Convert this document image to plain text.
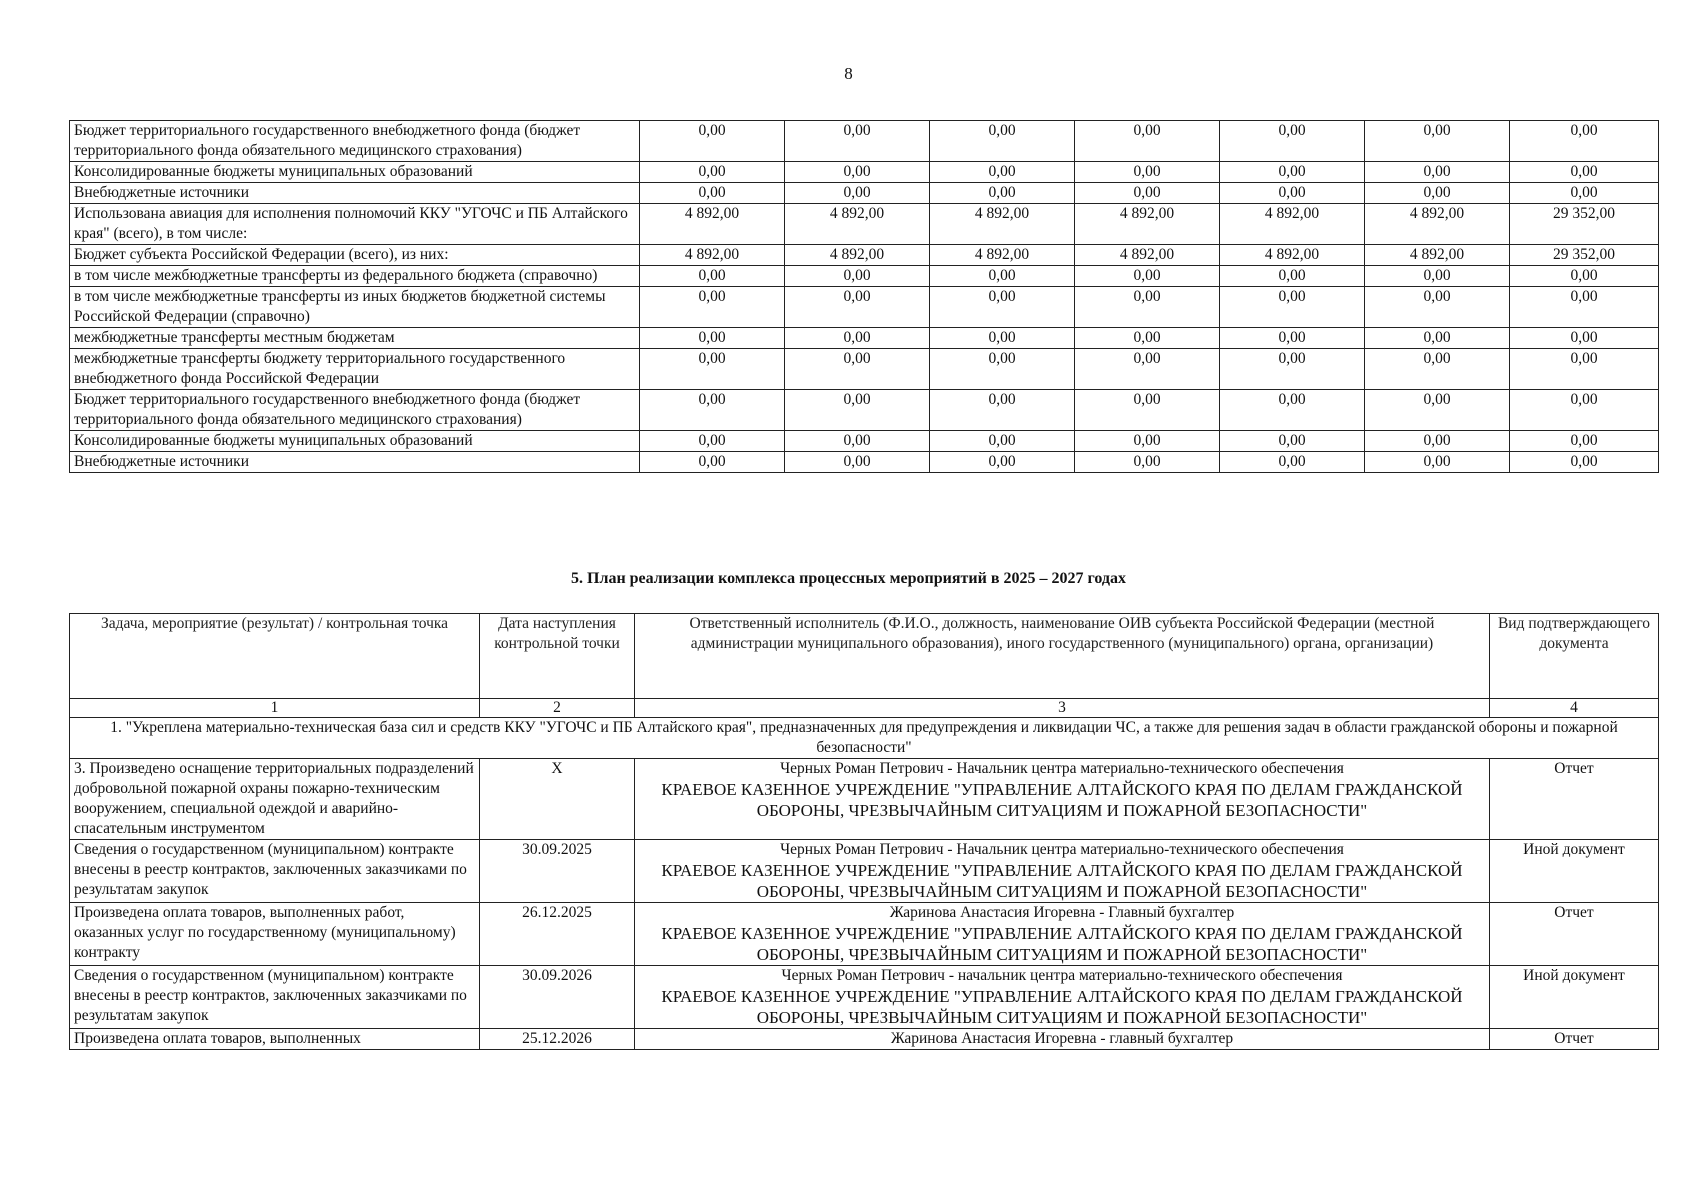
8
Бюджет территориального государственного внебюджетного фонда (бюджет территориального фонда обязательного медицинского страхования)	0,00	0,00	0,00	0,00	0,00	0,00	0,00
Консолидированные бюджеты муниципальных образований	0,00	0,00	0,00	0,00	0,00	0,00	0,00
Внебюджетные источники	0,00	0,00	0,00	0,00	0,00	0,00	0,00
Использована авиация для исполнения полномочий ККУ "УГОЧС и ПБ Алтайского края" (всего), в том числе:	4 892,00	4 892,00	4 892,00	4 892,00	4 892,00	4 892,00	29 352,00
Бюджет субъекта Российской Федерации (всего), из них:	4 892,00	4 892,00	4 892,00	4 892,00	4 892,00	4 892,00	29 352,00
в том числе межбюджетные трансферты из федерального бюджета (справочно)	0,00	0,00	0,00	0,00	0,00	0,00	0,00
в том числе межбюджетные трансферты из иных бюджетов бюджетной системы Российской Федерации (справочно)	0,00	0,00	0,00	0,00	0,00	0,00	0,00
межбюджетные трансферты местным бюджетам	0,00	0,00	0,00	0,00	0,00	0,00	0,00
межбюджетные трансферты бюджету территориального государственного внебюджетного фонда Российской Федерации	0,00	0,00	0,00	0,00	0,00	0,00	0,00
Бюджет территориального государственного внебюджетного фонда (бюджет территориального фонда обязательного медицинского страхования)	0,00	0,00	0,00	0,00	0,00	0,00	0,00
Консолидированные бюджеты муниципальных образований	0,00	0,00	0,00	0,00	0,00	0,00	0,00
Внебюджетные источники	0,00	0,00	0,00	0,00	0,00	0,00	0,00
5. План реализации комплекса процессных мероприятий в 2025 – 2027 годах
Задача, мероприятие (результат) / контрольная точка	Дата наступления контрольной точки	Ответственный исполнитель (Ф.И.О., должность, наименование ОИВ субъекта Российской Федерации (местной администрации муниципального образования), иного государственного (муниципального) органа, организации)	Вид подтверждающего документа
1	2	3	4
1. "Укреплена материально-техническая база сил и средств ККУ "УГОЧС и ПБ Алтайского края", предназначенных для предупреждения и ликвидации ЧС, а также для решения задач в области гражданской обороны и пожарной безопасности"			
3. Произведено оснащение территориальных подразделений добровольной пожарной охраны пожарно-техническим вооружением, специальной одеждой и аварийно-спасательным инструментом	X	Черных Роман Петрович - Начальник центра материально-технического обеспечения
КРАЕВОЕ КАЗЕННОЕ УЧРЕЖДЕНИЕ "УПРАВЛЕНИЕ АЛТАЙСКОГО КРАЯ ПО ДЕЛАМ ГРАЖДАНСКОЙ ОБОРОНЫ, ЧРЕЗВЫЧАЙНЫМ СИТУАЦИЯМ И ПОЖАРНОЙ БЕЗОПАСНОСТИ"	Отчет
Сведения о государственном (муниципальном) контракте внесены в реестр контрактов, заключенных заказчиками по результатам закупок	30.09.2025	Черных Роман Петрович - Начальник центра материально-технического обеспечения
КРАЕВОЕ КАЗЕННОЕ УЧРЕЖДЕНИЕ "УПРАВЛЕНИЕ АЛТАЙСКОГО КРАЯ ПО ДЕЛАМ ГРАЖДАНСКОЙ ОБОРОНЫ, ЧРЕЗВЫЧАЙНЫМ СИТУАЦИЯМ И ПОЖАРНОЙ БЕЗОПАСНОСТИ"	Иной документ
Произведена оплата товаров, выполненных работ, оказанных услуг по государственному (муниципальному) контракту	26.12.2025	Жаринова Анастасия Игоревна - Главный бухгалтер
КРАЕВОЕ КАЗЕННОЕ УЧРЕЖДЕНИЕ "УПРАВЛЕНИЕ АЛТАЙСКОГО КРАЯ ПО ДЕЛАМ ГРАЖДАНСКОЙ ОБОРОНЫ, ЧРЕЗВЫЧАЙНЫМ СИТУАЦИЯМ И ПОЖАРНОЙ БЕЗОПАСНОСТИ"	Отчет
Сведения о государственном (муниципальном) контракте внесены в реестр контрактов, заключенных заказчиками по результатам закупок	30.09.2026	Черных Роман Петрович - начальник центра материально-технического обеспечения
КРАЕВОЕ КАЗЕННОЕ УЧРЕЖДЕНИЕ "УПРАВЛЕНИЕ АЛТАЙСКОГО КРАЯ ПО ДЕЛАМ ГРАЖДАНСКОЙ ОБОРОНЫ, ЧРЕЗВЫЧАЙНЫМ СИТУАЦИЯМ И ПОЖАРНОЙ БЕЗОПАСНОСТИ"	Иной документ
Произведена оплата товаров, выполненных	25.12.2026	Жаринова Анастасия Игоревна - главный бухгалтер	Отчет
